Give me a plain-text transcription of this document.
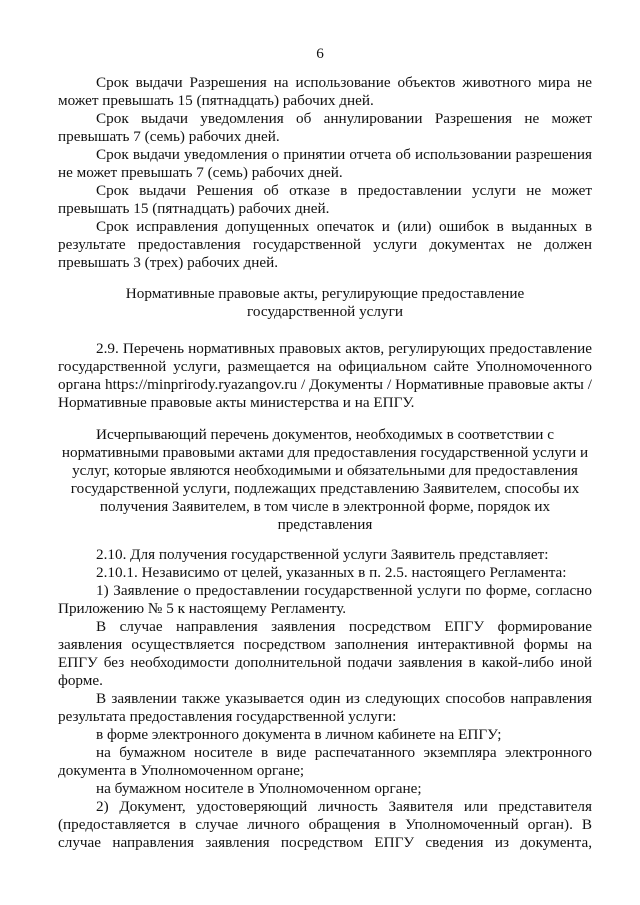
6
Срок выдачи Разрешения на использование объектов животного мира не
может превышать 15 (пятнадцать) рабочих дней.
Срок выдачи уведомления об аннулировании Разрешения не может
превышать 7 (семь) рабочих дней.
Срок выдачи уведомления о принятии отчета об использовании разрешения
не может превышать 7 (семь) рабочих дней.
Срок выдачи Решения об отказе в предоставлении услуги не может
превышать 15 (пятнадцать) рабочих дней.
Срок исправления допущенных опечаток и (или) ошибок в выданных в
результате предоставления государственной услуги документах не должен
превышать 3 (трех) рабочих дней.
Нормативные правовые акты, регулирующие предоставление
государственной услуги
2.9. Перечень нормативных правовых актов, регулирующих предоставление
государственной услуги, размещается на официальном сайте Уполномоченного
органа https://minprirody.ryazangov.ru / Документы / Нормативные правовые акты /
Нормативные правовые акты министерства и на ЕПГУ.
Исчерпывающий перечень документов, необходимых в соответствии с
нормативными правовыми актами для предоставления государственной услуги и
услуг, которые являются необходимыми и обязательными для предоставления
государственной услуги, подлежащих представлению Заявителем, способы их
получения Заявителем, в том числе в электронной форме, порядок их
представления
2.10. Для получения государственной услуги Заявитель представляет:
2.10.1. Независимо от целей, указанных в п. 2.5. настоящего Регламента:
1) Заявление о предоставлении государственной услуги по форме, согласно
Приложению № 5 к настоящему Регламенту.
В случае направления заявления посредством ЕПГУ формирование
заявления осуществляется посредством заполнения интерактивной формы на
ЕПГУ без необходимости дополнительной подачи заявления в какой-либо иной
форме.
В заявлении также указывается один из следующих способов направления
результата предоставления государственной услуги:
в форме электронного документа в личном кабинете на ЕПГУ;
на бумажном носителе в виде распечатанного экземпляра электронного
документа в Уполномоченном органе;
на бумажном носителе в Уполномоченном органе;
2) Документ, удостоверяющий личность Заявителя или представителя
(предоставляется в случае личного обращения в Уполномоченный орган). В
случае направления заявления посредством ЕПГУ сведения из документа,
